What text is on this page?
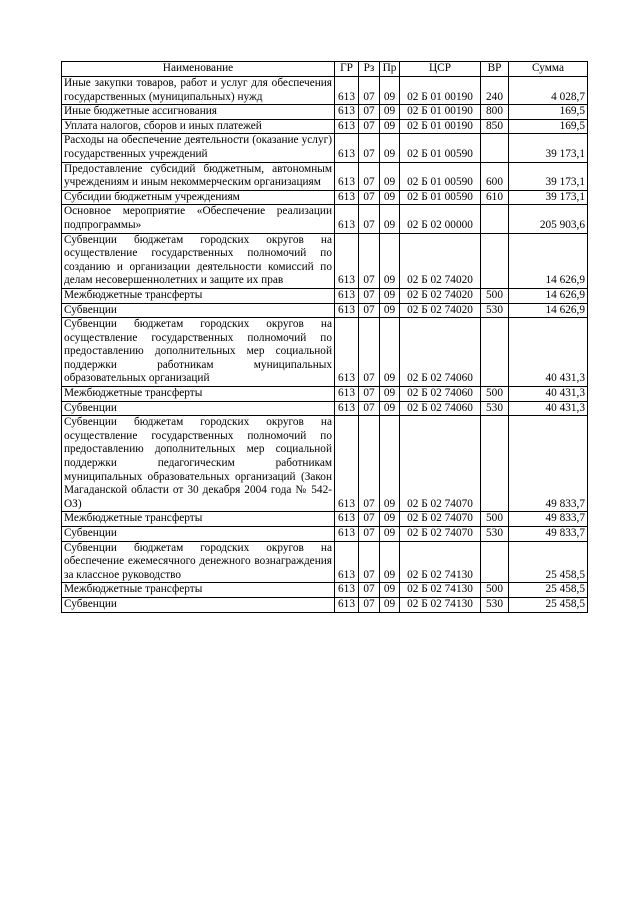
Наименование	ГР	Рз	Пр	ЦСР	ВР	Сумма
Иные закупки товаров, работ и услуг для обеспечения государственных (муниципальных) нужд	613	07	09	02 Б 01 00190	240	4 028,7
Иные бюджетные ассигнования	613	07	09	02 Б 01 00190	800	169,5
Уплата налогов, сборов и иных платежей	613	07	09	02 Б 01 00190	850	169,5
Расходы на обеспечение деятельности (оказание услуг) государственных учреждений	613	07	09	02 Б 01 00590		39 173,1
Предоставление субсидий бюджетным, автономным учреждениям и иным некоммерческим организациям	613	07	09	02 Б 01 00590	600	39 173,1
Субсидии бюджетным учреждениям	613	07	09	02 Б 01 00590	610	39 173,1
Основное мероприятие «Обеспечение реализации подпрограммы»	613	07	09	02 Б 02 00000		205 903,6
Субвенции бюджетам городских округов на осуществление государственных полномочий по созданию и организации деятельности комиссий по делам несовершеннолетних и защите их прав	613	07	09	02 Б 02 74020		14 626,9
Межбюджетные трансферты	613	07	09	02 Б 02 74020	500	14 626,9
Субвенции	613	07	09	02 Б 02 74020	530	14 626,9
Субвенции бюджетам городских округов на осуществление государственных полномочий по предоставлению дополнительных мер социальной поддержки работникам муниципальных образовательных организаций	613	07	09	02 Б 02 74060		40 431,3
Межбюджетные трансферты	613	07	09	02 Б 02 74060	500	40 431,3
Субвенции	613	07	09	02 Б 02 74060	530	40 431,3
Субвенции бюджетам городских округов на осуществление государственных полномочий по предоставлению дополнительных мер социальной поддержки педагогическим работникам муниципальных образовательных организаций (Закон Магаданской области от 30 декабря 2004 года № 542-ОЗ)	613	07	09	02 Б 02 74070		49 833,7
Межбюджетные трансферты	613	07	09	02 Б 02 74070	500	49 833,7
Субвенции	613	07	09	02 Б 02 74070	530	49 833,7
Субвенции бюджетам городских округов на обеспечение ежемесячного денежного вознаграждения за классное руководство	613	07	09	02 Б 02 74130		25 458,5
Межбюджетные трансферты	613	07	09	02 Б 02 74130	500	25 458,5
Субвенции	613	07	09	02 Б 02 74130	530	25 458,5
